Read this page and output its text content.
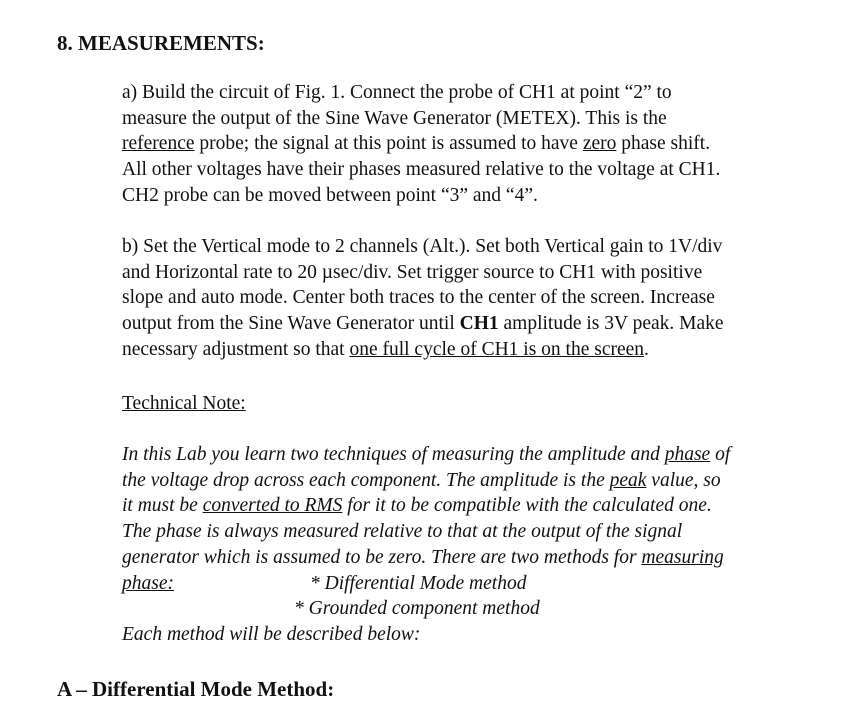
8. MEASUREMENTS:
a) Build the circuit of Fig. 1. Connect the probe of CH1 at point “2” to
measure the output of the Sine Wave Generator (METEX). This is the
reference probe; the signal at this point is assumed to have zero phase shift.
All other voltages have their phases measured relative to the voltage at CH1.
CH2 probe can be moved between point “3” and “4”.
b) Set the Vertical mode to 2 channels (Alt.). Set both Vertical gain to 1V/div
and Horizontal rate to 20 µsec/div. Set trigger source to CH1 with positive
slope and auto mode. Center both traces to the center of the screen. Increase
output from the Sine Wave Generator until CH1 amplitude is 3V peak. Make
necessary adjustment so that one full cycle of CH1 is on the screen.
Technical Note:
In this Lab you learn two techniques of measuring the amplitude and phase of
the voltage drop across each component. The amplitude is the peak value, so
it must be converted to RMS for it to be compatible with the calculated one.
The phase is always measured relative to that at the output of the signal
generator which is assumed to be zero. There are two methods for measuring
phase:	* Differential Mode method
* Grounded component method
Each method will be described below:
A – Differential Mode Method:
